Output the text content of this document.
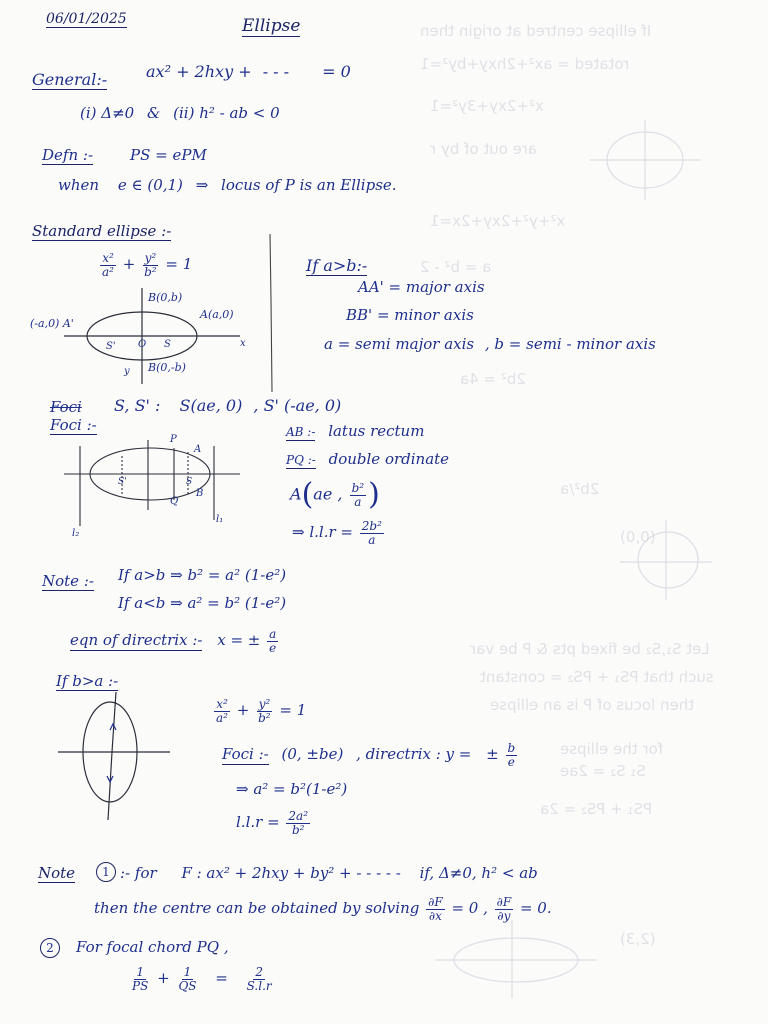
If ellipse centred at origin then
rotated = ax²+2hxy+by²=1
x²+2xy+3y²=1
are out of by r
x²+y²+2xy+2x=1
2b² = 4a
(0,0)
2b²/a
a = b² - 2
Let S₁,S₂ be fixed pts & P be var
such that PS₁ + PS₂ = constant
then locus of P is an ellipse
for the ellipse
S₁ S₂ = 2ae
PS₁ + PS₂ = 2a
(2,3)
06/01/2025	Ellipse
General:- ax² + 2hxy + - - - = 0
(i) Δ≠0 & (ii) h² - ab < 0
Defn :- PS = ePM
when e ∈ (0,1) ⇒ locus of P is an Ellipse.
Standard ellipse :-
$\frac{\text{x²}}{\text{a²}} + \frac{\text{y²}}{\text{b²}} = 1$
B(0,b)
B(0,-b)
A(a,0)
(-a,0) A'
O S
S'	x
y
If a>b:-
AA' = major axis
BB' = minor axis
a = semi major axis , b = semi - minor axis
Foci
Foci :-
S, S' : S(ae, 0) , S' (-ae, 0)
AB :- latus rectum
PQ :- double ordinate
A(ae , $\frac{\text{b²}}{a}$ )
⇒ $l.l.r = \frac{\text{2b²}}{a}$
P
A
Q
B
S
S'
l₁
l₂
Note :- If a>b ⇒ b² = a² (1-e²)
If a<b ⇒ a² = b² (1-e²)
eqn of directrix :- x = ± $\frac{a}{e}$
If b>a :-
$\frac{\text{x²}}{\text{a²}} + \frac{\text{y²}}{\text{b²}} = 1$
Foci :- (0, ±be) , directrix : y = ± $\frac{b}{e}$
⇒ a² = b²(1-e²)
$l.l.r = \frac{\text{2a²}}{\text{b²}}$
Note	1 :- for F : ax² + 2hxy + by² + - - - - - if, Δ≠0, h² < ab
then the centre can be obtained by solving $\frac{\partial F}{\partial x} = 0$ , $\frac{\partial F}{\partial y} = 0$.
2	For focal chord PQ ,
$\frac{1}{PS} + \frac{1}{QS} = \frac{2}{S.l.r}$
